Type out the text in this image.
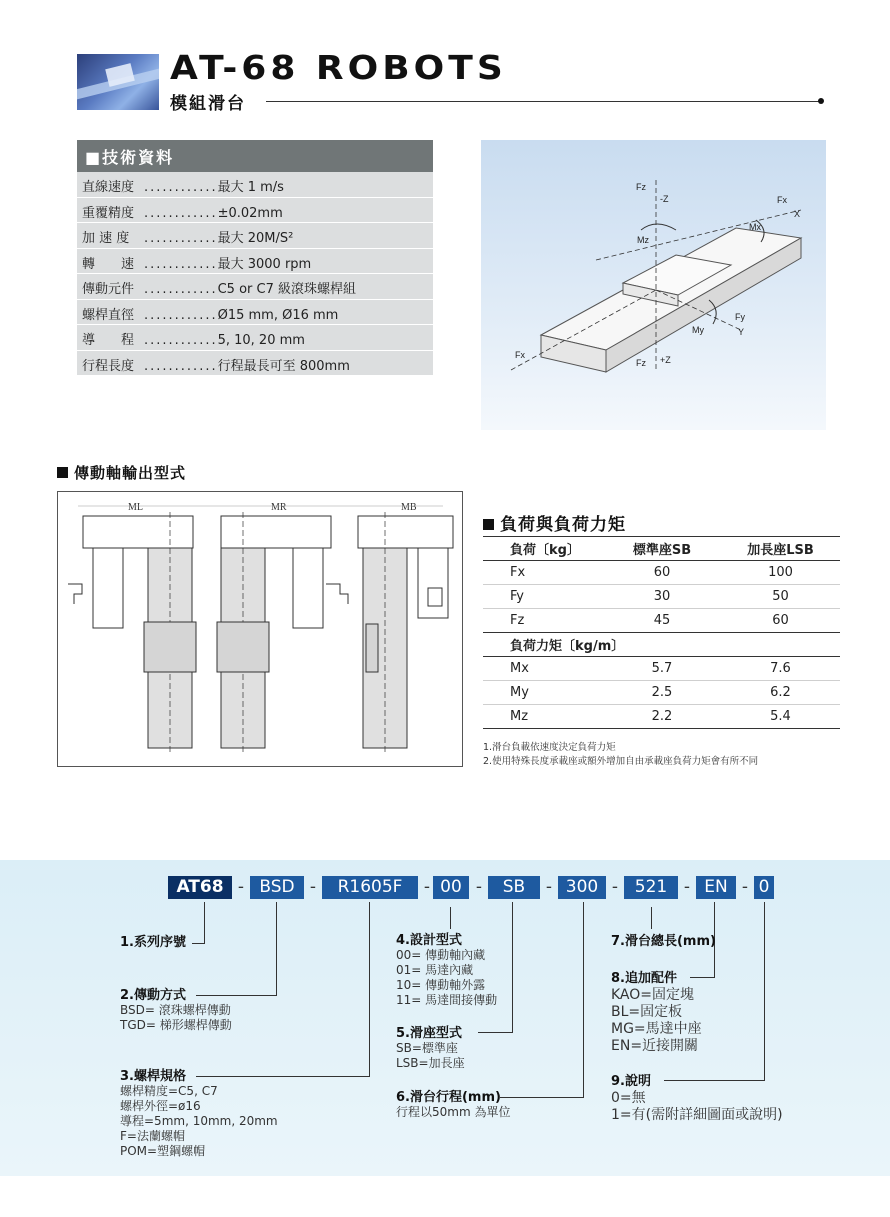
AT-68 ROBOTS
模組滑台
■技術資料
直線速度 ............最大 1 m/s
重覆精度 ............±0.02mm
加 速 度 ............最大 20M/S²
轉　　速 ............最大 3000 rpm
傳動元件 ............C5 or C7 級滾珠螺桿組
螺桿直徑 ............Ø15 mm, Ø16 mm
導　　程 ............5, 10, 20 mm
行程長度 ............行程最長可至 800mm
Fz
-Z
Mz
Fx
X
Mx
Fy
Y
My
Fx
Fz +Z
傳動軸輸出型式
ML	MR	MB
負荷與負荷力矩
負荷〔kg〕	標準座SB	加長座LSB
Fx	60	100
Fy	30	50
Fz	45	60
負荷力矩〔kg/m〕		
Mx	5.7	7.6
My	2.5	6.2
Mz	2.2	5.4
1.滑台負載依速度決定負荷力矩
2.使用特殊長度承載座或額外增加自由承載座負荷力矩會有所不同
AT68 - BSD -	R1605F	- 00 -	SB	- 300 - 521 - EN - 0
1.系列序號
2.傳動方式
BSD= 滾珠螺桿傳動
TGD= 梯形螺桿傳動
3.螺桿規格
螺桿精度=C5, C7
螺桿外徑=ø16
導程=5mm, 10mm, 20mm
F=法蘭螺帽
POM=塑鋼螺帽
4.設計型式
00= 傳動軸內藏
01= 馬達內藏
10= 傳動軸外露
11= 馬達間接傳動
5.滑座型式
SB=標準座
LSB=加長座
6.滑台行程(mm)
行程以50mm 為單位
7.滑台總長(mm)
8.追加配件
KAO=固定塊
BL=固定板
MG=馬達中座
EN=近接開關
9.說明
0=無
1=有(需附詳細圖面或說明)
